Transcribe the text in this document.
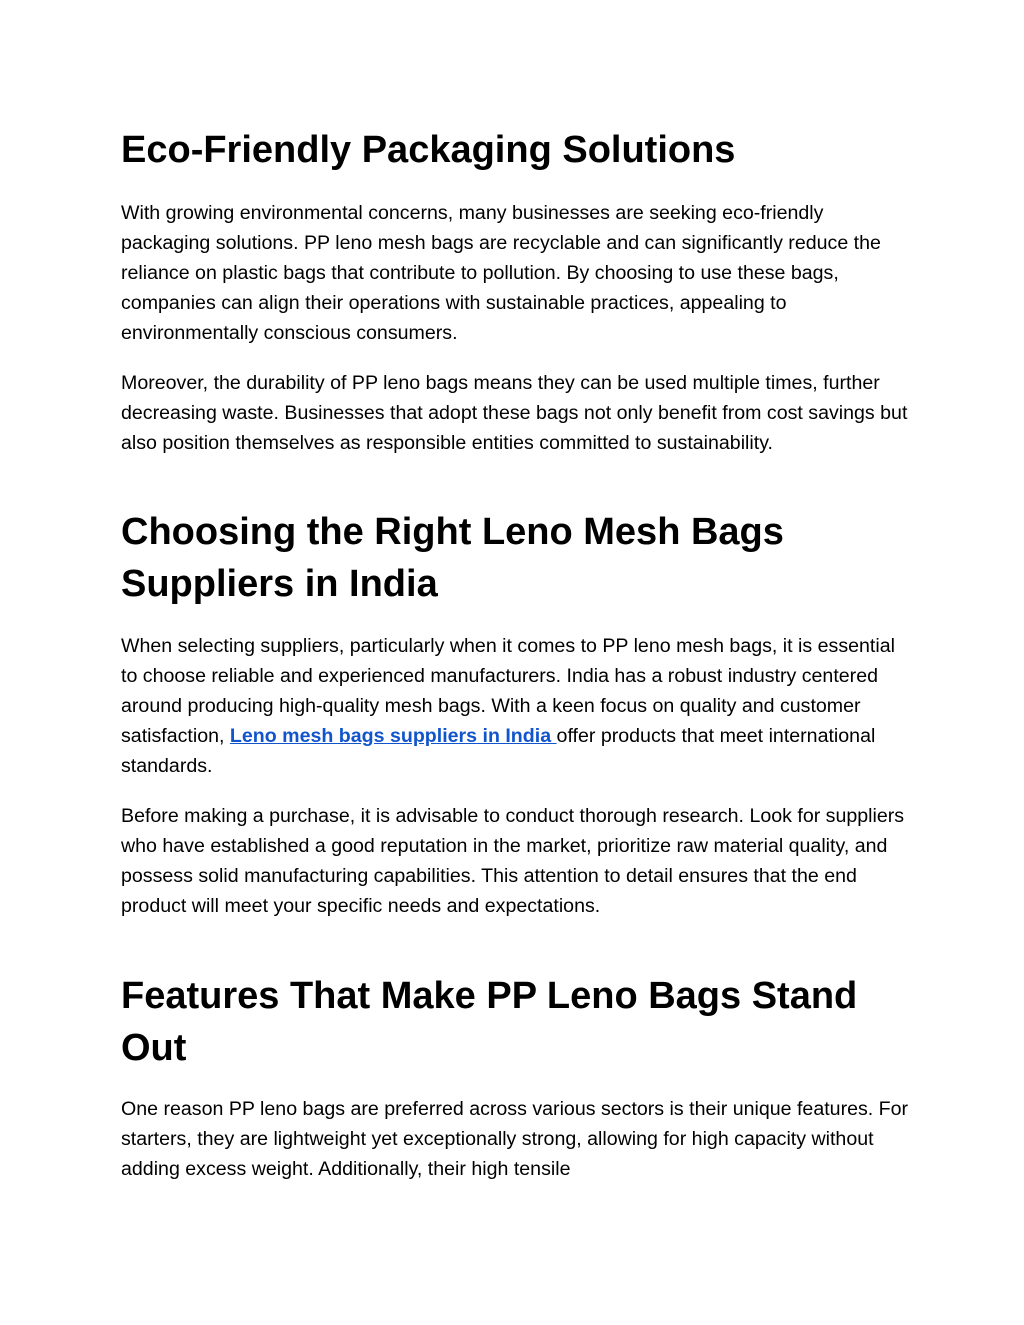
Eco-Friendly Packaging Solutions

With growing environmental concerns, many businesses are seeking eco-friendly packaging solutions. PP leno mesh bags are recyclable and can significantly reduce the reliance on plastic bags that contribute to pollution. By choosing to use these bags, companies can align their operations with sustainable practices, appealing to environmentally conscious consumers.

Moreover, the durability of PP leno bags means they can be used multiple times, further decreasing waste. Businesses that adopt these bags not only benefit from cost savings but also position themselves as responsible entities committed to sustainability.

Choosing the Right Leno Mesh Bags Suppliers in India

When selecting suppliers, particularly when it comes to PP leno mesh bags, it is essential to choose reliable and experienced manufacturers. India has a robust industry centered around producing high-quality mesh bags. With a keen focus on quality and customer satisfaction, Leno mesh bags suppliers in India offer products that meet international standards.

Before making a purchase, it is advisable to conduct thorough research. Look for suppliers who have established a good reputation in the market, prioritize raw material quality, and possess solid manufacturing capabilities. This attention to detail ensures that the end product will meet your specific needs and expectations.

Features That Make PP Leno Bags Stand Out

One reason PP leno bags are preferred across various sectors is their unique features. For starters, they are lightweight yet exceptionally strong, allowing for high capacity without adding excess weight. Additionally, their high tensile
